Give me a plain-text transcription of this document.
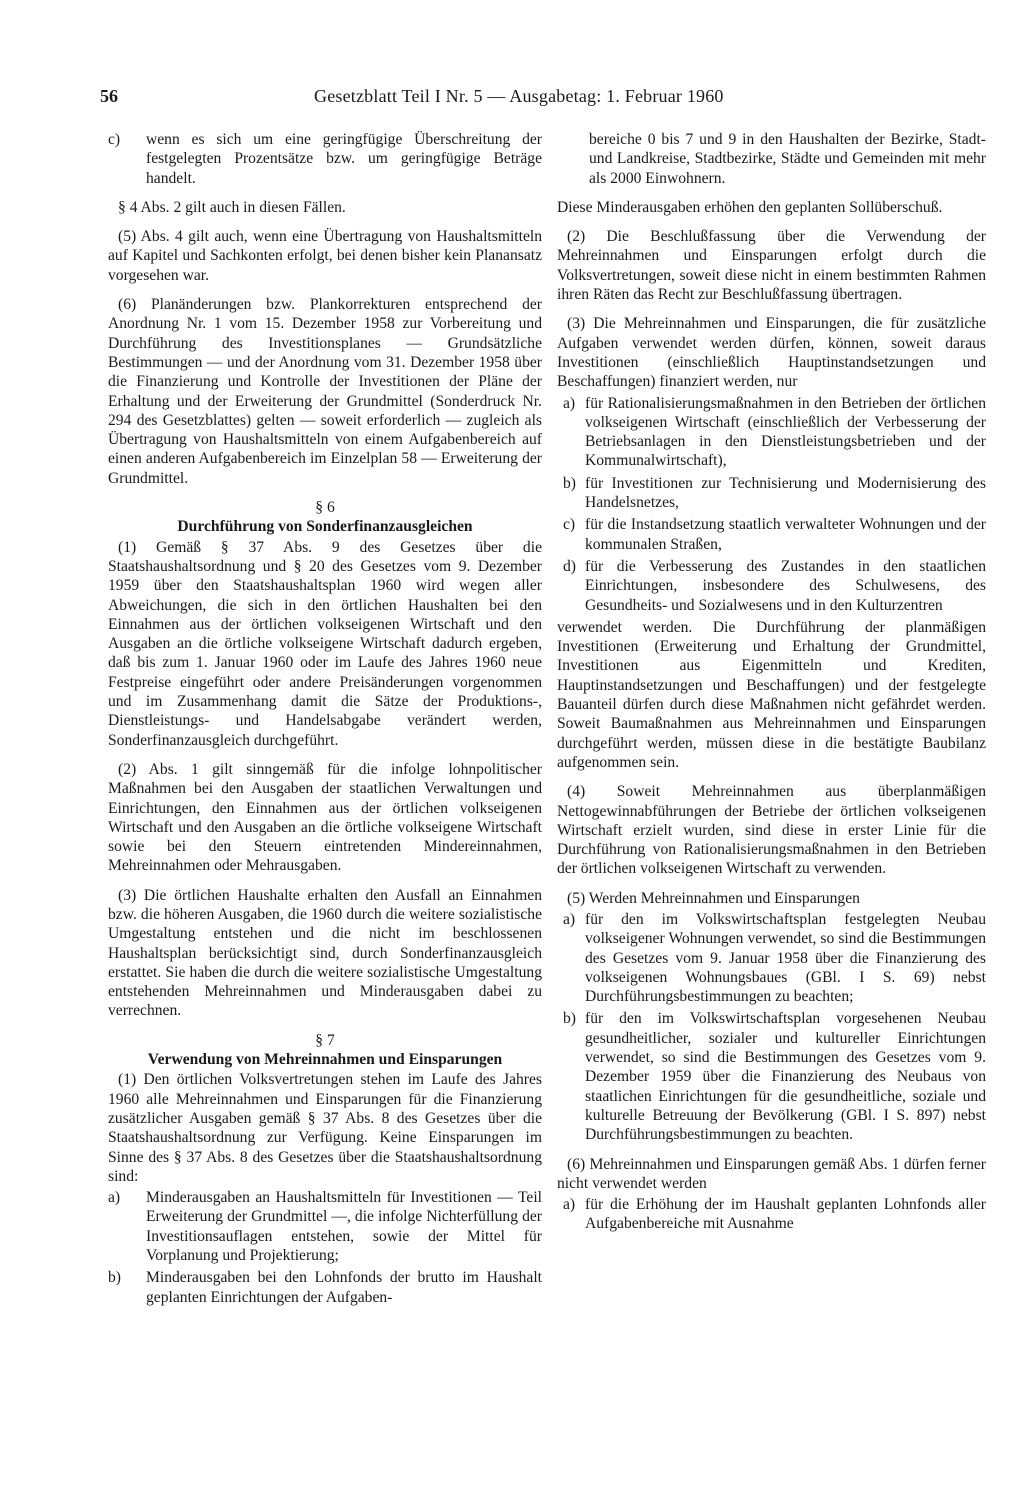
56	Gesetzblatt Teil I Nr. 5 — Ausgabetag: 1. Februar 1960
c) wenn es sich um eine geringfügige Überschreitung der festgelegten Prozentsätze bzw. um geringfügige Beträge handelt.

§ 4 Abs. 2 gilt auch in diesen Fällen.

(5) Abs. 4 gilt auch, wenn eine Übertragung von Haushaltsmitteln auf Kapitel und Sachkonten erfolgt, bei denen bisher kein Planansatz vorgesehen war.

(6) Planänderungen bzw. Plankorrekturen entsprechend der Anordnung Nr. 1 vom 15. Dezember 1958 zur Vorbereitung und Durchführung des Investitionsplanes — Grundsätzliche Bestimmungen — und der Anordnung vom 31. Dezember 1958 über die Finanzierung und Kontrolle der Investitionen der Pläne der Erhaltung und der Erweiterung der Grundmittel (Sonderdruck Nr. 294 des Gesetzblattes) gelten — soweit erforderlich — zugleich als Übertragung von Haushaltsmitteln von einem Aufgabenbereich auf einen anderen Aufgabenbereich im Einzelplan 58 — Erweiterung der Grundmittel.

§ 6
Durchführung von Sonderfinanzausgleichen

(1) Gemäß § 37 Abs. 9 des Gesetzes über die Staatshaushaltsordnung und § 20 des Gesetzes vom 9. Dezember 1959 über den Staatshaushaltsplan 1960 wird wegen aller Abweichungen, die sich in den örtlichen Haushalten bei den Einnahmen aus der örtlichen volkseigenen Wirtschaft und den Ausgaben an die örtliche volkseigene Wirtschaft dadurch ergeben, daß bis zum 1. Januar 1960 oder im Laufe des Jahres 1960 neue Festpreise eingeführt oder andere Preisänderungen vorgenommen und im Zusammenhang damit die Sätze der Produktions-, Dienstleistungs- und Handelsabgabe verändert werden, Sonderfinanzausgleich durchgeführt.

(2) Abs. 1 gilt sinngemäß für die infolge lohnpolitischer Maßnahmen bei den Ausgaben der staatlichen Verwaltungen und Einrichtungen, den Einnahmen aus der örtlichen volkseigenen Wirtschaft und den Ausgaben an die örtliche volkseigene Wirtschaft sowie bei den Steuern eintretenden Mindereinnahmen, Mehreinnahmen oder Mehrausgaben.

(3) Die örtlichen Haushalte erhalten den Ausfall an Einnahmen bzw. die höheren Ausgaben, die 1960 durch die weitere sozialistische Umgestaltung entstehen und die nicht im beschlossenen Haushaltsplan berücksichtigt sind, durch Sonderfinanzausgleich erstattet. Sie haben die durch die weitere sozialistische Umgestaltung entstehenden Mehreinnahmen und Minderausgaben dabei zu verrechnen.

§ 7
Verwendung von Mehreinnahmen und Einsparungen

(1) Den örtlichen Volksvertretungen stehen im Laufe des Jahres 1960 alle Mehreinnahmen und Einsparungen für die Finanzierung zusätzlicher Ausgaben gemäß § 37 Abs. 8 des Gesetzes über die Staatshaushaltsordnung zur Verfügung. Keine Einsparungen im Sinne des § 37 Abs. 8 des Gesetzes über die Staatshaushaltsordnung sind:

a) Minderausgaben an Haushaltsmitteln für Investitionen — Teil Erweiterung der Grundmittel —, die infolge Nichterfüllung der Investitionsauflagen entstehen, sowie der Mittel für Vorplanung und Projektierung;
b) Minderausgaben bei den Lohnfonds der brutto im Haushalt geplanten Einrichtungen der Aufgaben-

bereiche 0 bis 7 und 9 in den Haushalten der Bezirke, Stadt- und Landkreise, Stadtbezirke, Städte und Gemeinden mit mehr als 2000 Einwohnern.

Diese Minderausgaben erhöhen den geplanten Sollüberschuß.

(2) Die Beschlußfassung über die Verwendung der Mehreinnahmen und Einsparungen erfolgt durch die Volksvertretungen, soweit diese nicht in einem bestimmten Rahmen ihren Räten das Recht zur Beschlußfassung übertragen.

(3) Die Mehreinnahmen und Einsparungen, die für zusätzliche Aufgaben verwendet werden dürfen, können, soweit daraus Investitionen (einschließlich Hauptinstandsetzungen und Beschaffungen) finanziert werden, nur

a) für Rationalisierungsmaßnahmen in den Betrieben der örtlichen volkseigenen Wirtschaft (einschließlich der Verbesserung der Betriebsanlagen in den Dienstleistungsbetrieben und der Kommunalwirtschaft),
b) für Investitionen zur Technisierung und Modernisierung des Handelsnetzes,
c) für die Instandsetzung staatlich verwalteter Wohnungen und der kommunalen Straßen,
d) für die Verbesserung des Zustandes in den staatlichen Einrichtungen, insbesondere des Schulwesens, des Gesundheits- und Sozialwesens und in den Kulturzentren

verwendet werden. Die Durchführung der planmäßigen Investitionen (Erweiterung und Erhaltung der Grundmittel, Investitionen aus Eigenmitteln und Krediten, Hauptinstandsetzungen und Beschaffungen) und der festgelegte Bauanteil dürfen durch diese Maßnahmen nicht gefährdet werden. Soweit Baumaßnahmen aus Mehreinnahmen und Einsparungen durchgeführt werden, müssen diese in die bestätigte Baubilanz aufgenommen sein.

(4) Soweit Mehreinnahmen aus überplanmäßigen Nettogewinnabführungen der Betriebe der örtlichen volkseigenen Wirtschaft erzielt wurden, sind diese in erster Linie für die Durchführung von Rationalisierungsmaßnahmen in den Betrieben der örtlichen volkseigenen Wirtschaft zu verwenden.

(5) Werden Mehreinnahmen und Einsparungen

a) für den im Volkswirtschaftsplan festgelegten Neubau volkseigener Wohnungen verwendet, so sind die Bestimmungen des Gesetzes vom 9. Januar 1958 über die Finanzierung des volkseigenen Wohnungsbaues (GBl. I S. 69) nebst Durchführungsbestimmungen zu beachten;
b) für den im Volkswirtschaftsplan vorgesehenen Neubau gesundheitlicher, sozialer und kultureller Einrichtungen verwendet, so sind die Bestimmungen des Gesetzes vom 9. Dezember 1959 über die Finanzierung des Neubaus von staatlichen Einrichtungen für die gesundheitliche, soziale und kulturelle Betreuung der Bevölkerung (GBl. I S. 897) nebst Durchführungsbestimmungen zu beachten.

(6) Mehreinnahmen und Einsparungen gemäß Abs. 1 dürfen ferner nicht verwendet werden

a) für die Erhöhung der im Haushalt geplanten Lohnfonds aller Aufgabenbereiche mit Ausnahme
